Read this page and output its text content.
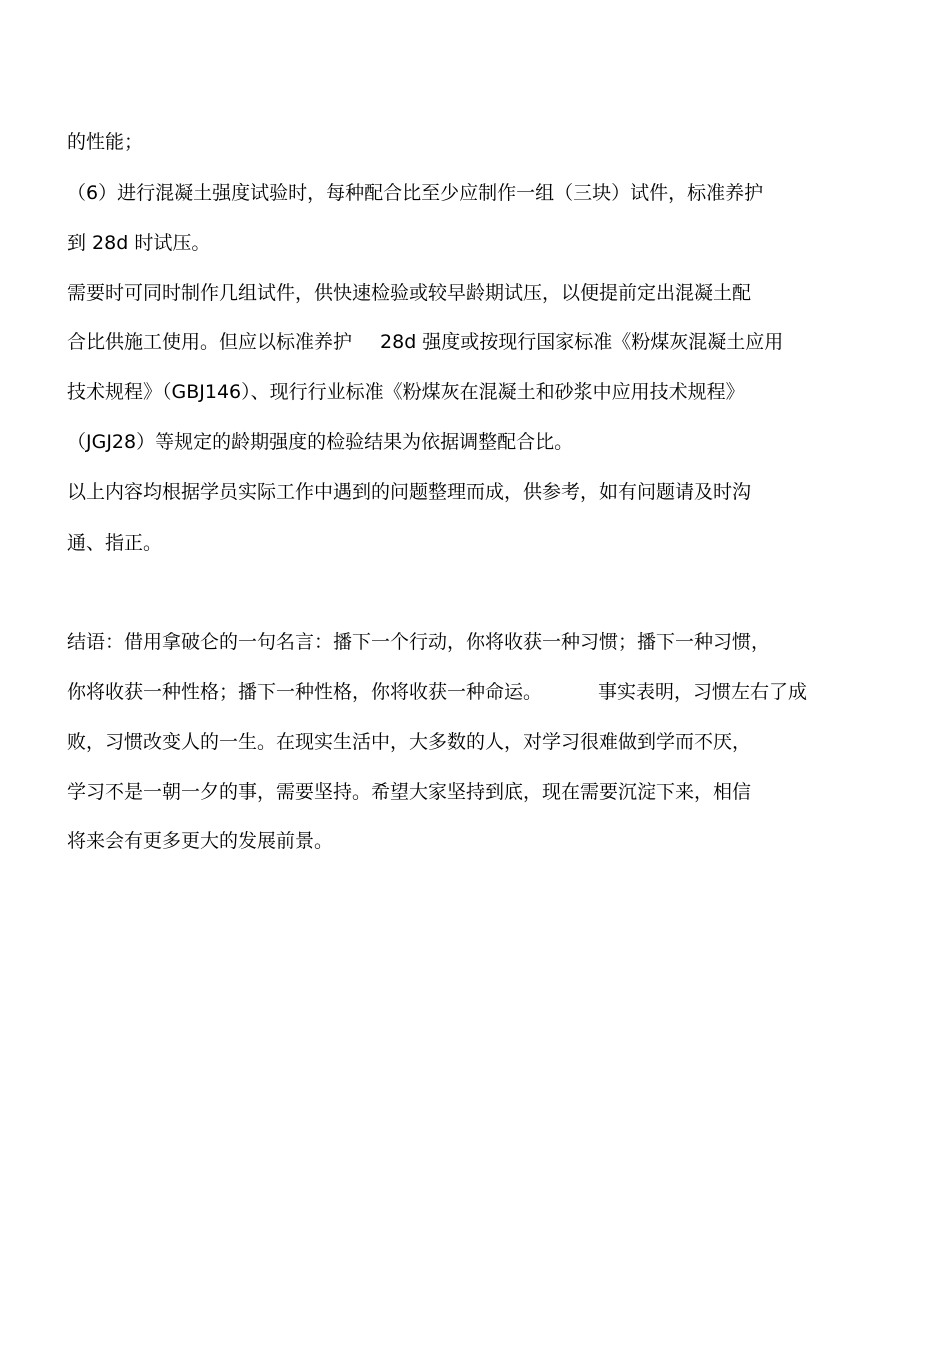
的性能；
（6）进行混凝土强度试验时，每种配合比至少应制作一组（三块）试件，标准养护
到 28d 时试压。
需要时可同时制作几组试件，供快速检验或较早龄期试压，以便提前定出混凝土配
合比供施工使用。但应以标准养护 28d 强度或按现行国家标准《粉煤灰混凝土应用
技术规程》（GBJ146）、现行行业标准《粉煤灰在混凝土和砂浆中应用技术规程》
（JGJ28）等规定的龄期强度的检验结果为依据调整配合比。
以上内容均根据学员实际工作中遇到的问题整理而成，供参考，如有问题请及时沟
通、指正。
结语：借用拿破仑的一句名言：播下一个行动，你将收获一种习惯；播下一种习惯，
你将收获一种性格；播下一种性格，你将收获一种命运。	事实表明，习惯左右了成
败，习惯改变人的一生。在现实生活中，大多数的人，对学习很难做到学而不厌，
学习不是一朝一夕的事，需要坚持。希望大家坚持到底，现在需要沉淀下来，相信
将来会有更多更大的发展前景。
